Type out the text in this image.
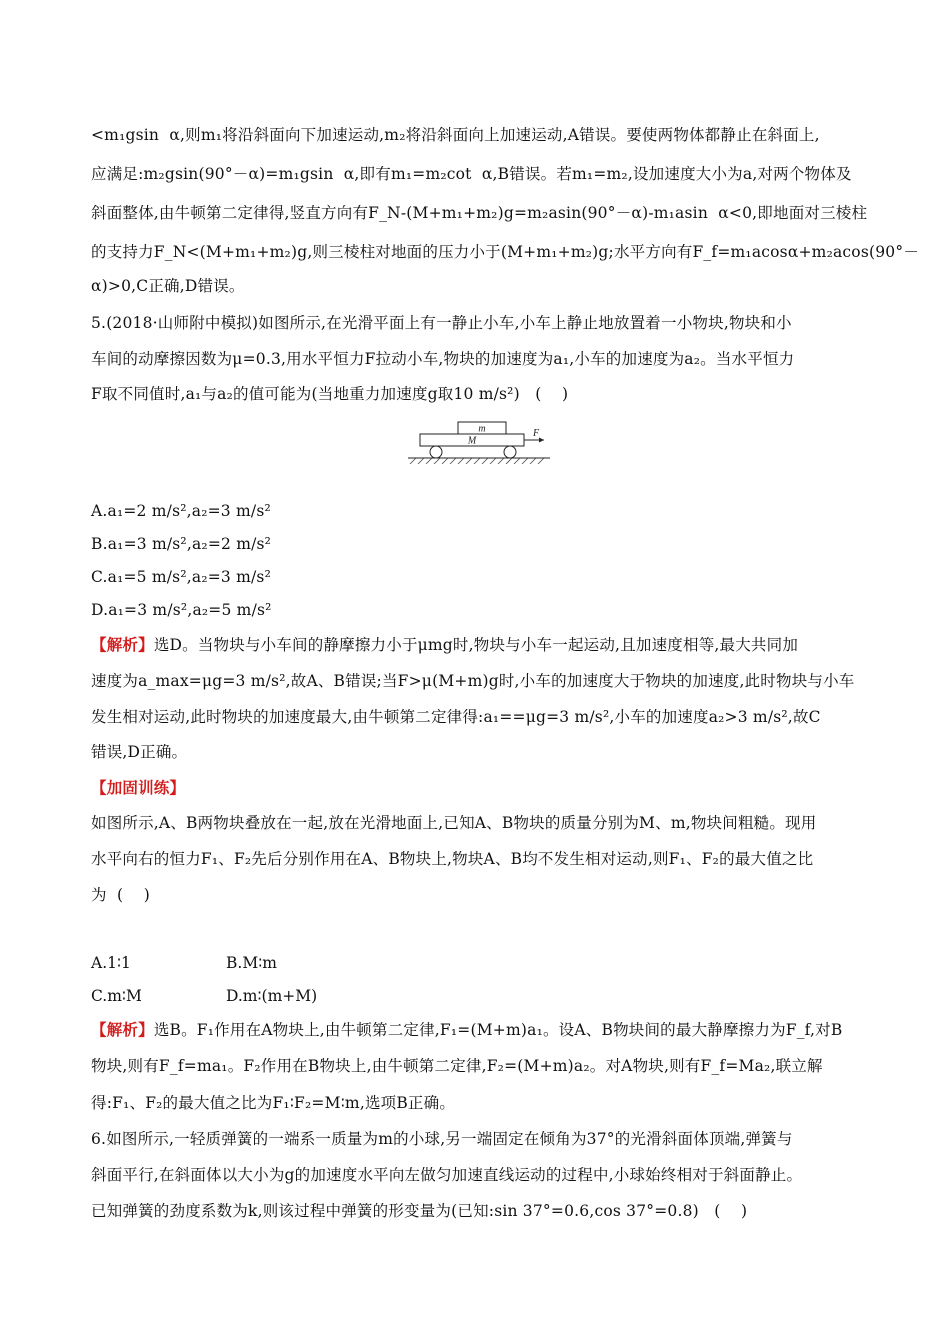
<m₁gsin  α,则m₁将沿斜面向下加速运动,m₂将沿斜面向上加速运动,A错误。要使两物体都静止在斜面上,
应满足:m₂gsin(90°－α)=m₁gsin  α,即有m₁=m₂cot  α,B错误。若m₁=m₂,设加速度大小为a,对两个物体及
斜面整体,由牛顿第二定律得,竖直方向有F_N-(M+m₁+m₂)g=m₂asin(90°－α)-m₁asin  α<0,即地面对三棱柱
的支持力F_N<(M+m₁+m₂)g,则三棱柱对地面的压力小于(M+m₁+m₂)g;水平方向有F_f=m₁acosα+m₂acos(90°－
α)>0,C正确,D错误。
5.(2018·山师附中模拟)如图所示,在光滑平面上有一静止小车,小车上静止地放置着一小物块,物块和小
车间的动摩擦因数为μ=0.3,用水平恒力F拉动小车,物块的加速度为a₁,小车的加速度为a₂。当水平恒力
F取不同值时,a₁与a₂的值可能为(当地重力加速度g取10 m/s²)   (    )
m
M
F
A.a₁=2 m/s²,a₂=3 m/s²
B.a₁=3 m/s²,a₂=2 m/s²
C.a₁=5 m/s²,a₂=3 m/s²
D.a₁=3 m/s²,a₂=5 m/s²
【解析】选D。当物块与小车间的静摩擦力小于μmg时,物块与小车一起运动,且加速度相等,最大共同加
速度为a_max=μg=3 m/s²,故A、B错误;当F>μ(M+m)g时,小车的加速度大于物块的加速度,此时物块与小车
发生相对运动,此时物块的加速度最大,由牛顿第二定律得:a₁==μg=3 m/s²,小车的加速度a₂>3 m/s²,故C
错误,D正确。
【加固训练】
如图所示,A、B两物块叠放在一起,放在光滑地面上,已知A、B物块的质量分别为M、m,物块间粗糙。现用
水平向右的恒力F₁、F₂先后分别作用在A、B物块上,物块A、B均不发生相对运动,则F₁、F₂的最大值之比
为  (    )
A.1∶1	B.M∶m
C.m∶M	D.m∶(m+M)
【解析】选B。F₁作用在A物块上,由牛顿第二定律,F₁=(M+m)a₁。设A、B物块间的最大静摩擦力为F_f,对B
物块,则有F_f=ma₁。F₂作用在B物块上,由牛顿第二定律,F₂=(M+m)a₂。对A物块,则有F_f=Ma₂,联立解
得:F₁、F₂的最大值之比为F₁∶F₂=M∶m,选项B正确。
6.如图所示,一轻质弹簧的一端系一质量为m的小球,另一端固定在倾角为37°的光滑斜面体顶端,弹簧与
斜面平行,在斜面体以大小为g的加速度水平向左做匀加速直线运动的过程中,小球始终相对于斜面静止。
已知弹簧的劲度系数为k,则该过程中弹簧的形变量为(已知:sin 37°=0.6,cos 37°=0.8)   (    )
